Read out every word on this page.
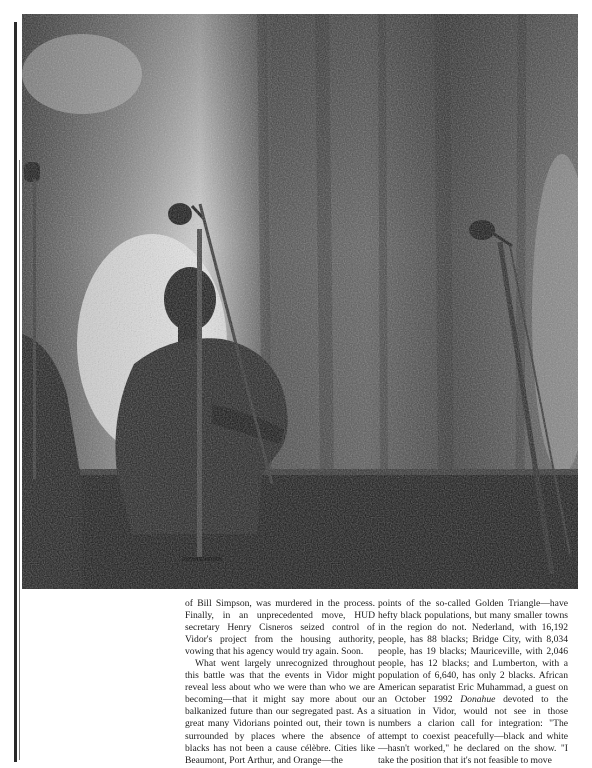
of Bill Simpson, was murdered in the process. Finally, in an unprecedented move, HUD secretary Henry Cisneros seized control of Vidor's project from the housing authority, vowing that his agency would try again. Soon.

What went largely unrecognized throughout this battle was that the events in Vidor might reveal less about who we were than who we are becoming—that it might say more about our balkanized future than our segregated past. As a great many Vidorians pointed out, their town is surrounded by places where the absence of blacks has not been a cause célèbre. Cities like Beaumont, Port Arthur, and Orange—the

points of the so-called Golden Triangle—have hefty black populations, but many smaller towns in the region do not. Nederland, with 16,192 people, has 88 blacks; Bridge City, with 8,034 people, has 19 blacks; Mauriceville, with 2,046 people, has 12 blacks; and Lumberton, with a population of 6,640, has only 2 blacks. African American separatist Eric Muhammad, a guest on an October 1992 Donahue devoted to the situation in Vidor, would not see in those numbers a clarion call for integration: "The attempt to coexist peacefully—black and white—hasn't worked," he declared on the show. "I take the position that it's not feasible to move
